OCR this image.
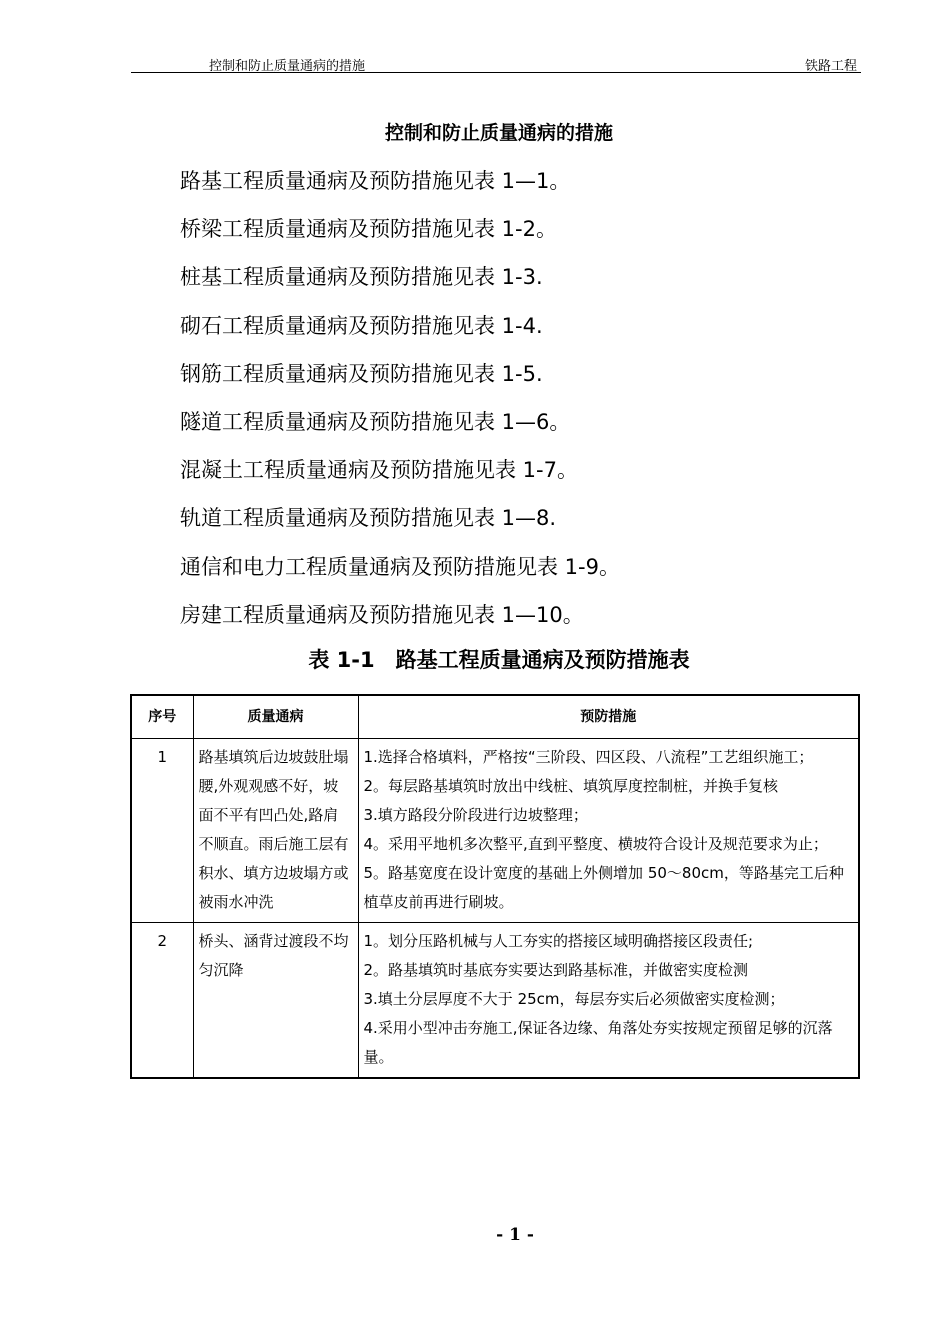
控制和防止质量通病的措施	铁路工程
控制和防止质量通病的措施
路基工程质量通病及预防措施见表 1—1。
桥梁工程质量通病及预防措施见表 1-2。
桩基工程质量通病及预防措施见表 1-3.
砌石工程质量通病及预防措施见表 1-4.
钢筋工程质量通病及预防措施见表 1-5.
隧道工程质量通病及预防措施见表 1—6。
混凝土工程质量通病及预防措施见表 1-7。
轨道工程质量通病及预防措施见表 1—8.
通信和电力工程质量通病及预防措施见表 1-9。
房建工程质量通病及预防措施见表 1—10。
表 1-1　路基工程质量通病及预防措施表
序号	质量通病	预防措施
1	路基填筑后边坡鼓肚塌腰,外观观感不好，坡面不平有凹凸处,路肩不顺直。雨后施工层有积水、填方边坡塌方或被雨水冲洗	1.选择合格填料，严格按“三阶段、四区段、八流程”工艺组织施工；
2。每层路基填筑时放出中线桩、填筑厚度控制桩，并换手复核
3.填方路段分阶段进行边坡整理；
4。采用平地机多次整平,直到平整度、横坡符合设计及规范要求为止；
5。路基宽度在设计宽度的基础上外侧增加 50～80cm，等路基完工后种植草皮前再进行刷坡。

2	桥头、涵背过渡段不均匀沉降	1。划分压路机械与人工夯实的搭接区域明确搭接区段责任;
2。路基填筑时基底夯实要达到路基标准，并做密实度检测
3.填土分层厚度不大于 25cm，每层夯实后必须做密实度检测；
4.采用小型冲击夯施工,保证各边缘、角落处夯实按规定预留足够的沉落量。
- 1 -
